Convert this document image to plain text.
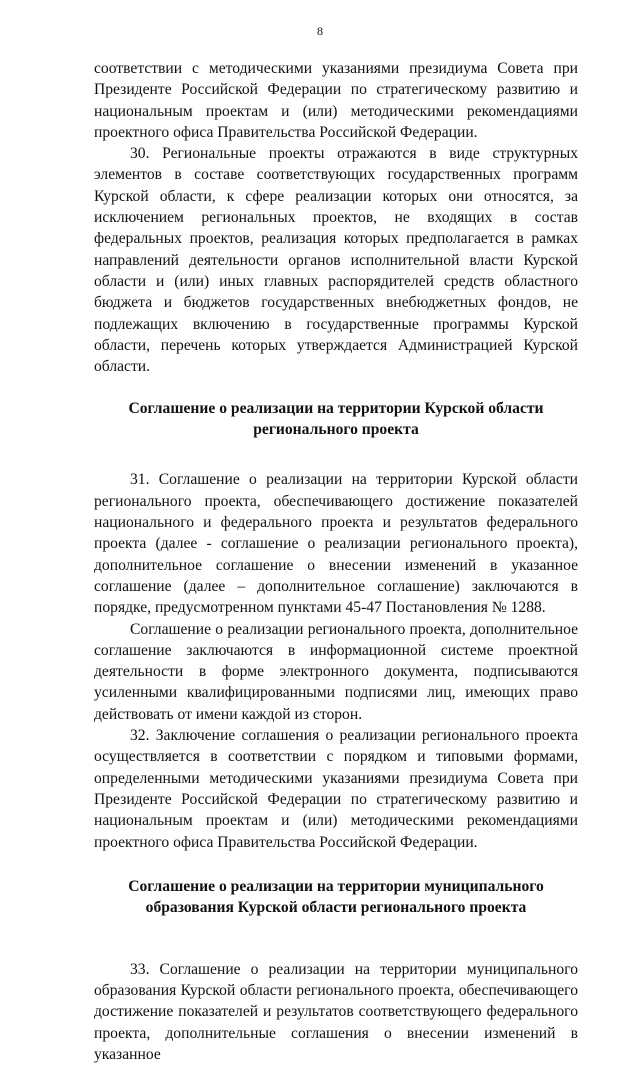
8

соответствии с методическими указаниями президиума Совета при Президенте Российской Федерации по стратегическому развитию и национальным проектам и (или) методическими рекомендациями проектного офиса Правительства Российской Федерации.

30. Региональные проекты отражаются в виде структурных элементов в составе соответствующих государственных программ Курской области, к сфере реализации которых они относятся, за исключением региональных проектов, не входящих в состав федеральных проектов, реализация которых предполагается в рамках направлений деятельности органов исполнительной власти Курской области и (или) иных главных распорядителей средств областного бюджета и бюджетов государственных внебюджетных фондов, не подлежащих включению в государственные программы Курской области, перечень которых утверждается Администрацией Курской области.

Соглашение о реализации на территории Курской области регионального проекта

31. Соглашение о реализации на территории Курской области регионального проекта, обеспечивающего достижение показателей национального и федерального проекта и результатов федерального проекта (далее - соглашение о реализации регионального проекта), дополнительное соглашение о внесении изменений в указанное соглашение (далее – дополнительное соглашение) заключаются в порядке, предусмотренном пунктами 45-47 Постановления № 1288.

Соглашение о реализации регионального проекта, дополнительное соглашение заключаются в информационной системе проектной деятельности в форме электронного документа, подписываются усиленными квалифицированными подписями лиц, имеющих право действовать от имени каждой из сторон.

32. Заключение соглашения о реализации регионального проекта осуществляется в соответствии с порядком и типовыми формами, определенными методическими указаниями президиума Совета при Президенте Российской Федерации по стратегическому развитию и национальным проектам и (или) методическими рекомендациями проектного офиса Правительства Российской Федерации.

Соглашение о реализации на территории муниципального образования Курской области регионального проекта

33. Соглашение о реализации на территории муниципального образования Курской области регионального проекта, обеспечивающего достижение показателей и результатов соответствующего федерального проекта, дополнительные соглашения о внесении изменений в указанное
